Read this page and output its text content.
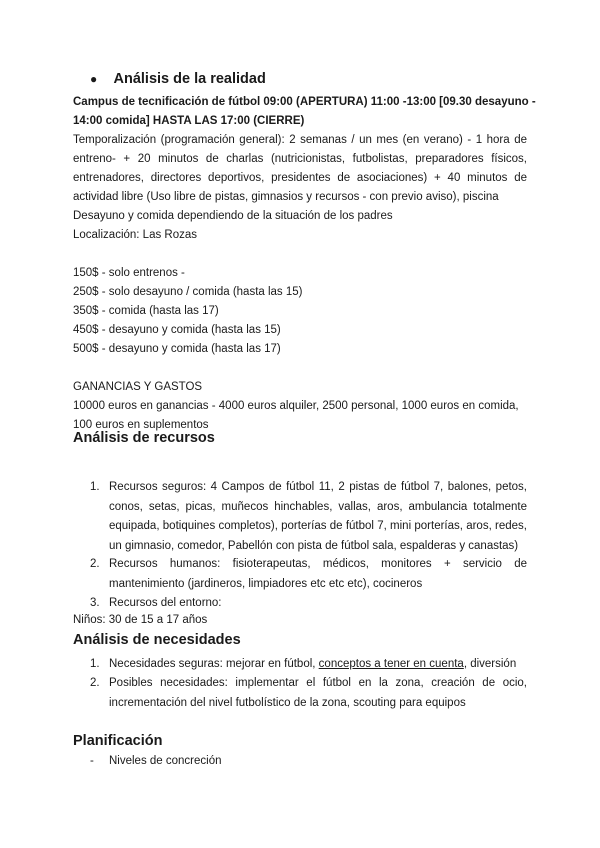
● Análisis de la realidad
Campus de tecnificación de fútbol 09:00 (APERTURA) 11:00 -13:00 [09.30 desayuno -
14:00 comida] HASTA LAS 17:00 (CIERRE)
Temporalización (programación general): 2 semanas / un mes (en verano) - 1 hora de entreno- + 20 minutos de charlas (nutricionistas, futbolistas, preparadores físicos, entrenadores, directores deportivos, presidentes de asociaciones) + 40 minutos de actividad libre (Uso libre de pistas, gimnasios y recursos - con previo aviso), piscina
Desayuno y comida dependiendo de la situación de los padres
Localización: Las Rozas
150$ - solo entrenos -
250$ - solo desayuno / comida (hasta las 15)
350$ - comida (hasta las 17)
450$ - desayuno y comida (hasta las 15)
500$ - desayuno y comida (hasta las 17)
GANANCIAS Y GASTOS
10000 euros en ganancias - 4000 euros alquiler, 2500 personal, 1000 euros en comida, 100 euros en suplementos
Análisis de recursos
1. Recursos seguros: 4 Campos de fútbol 11, 2 pistas de fútbol 7, balones, petos, conos, setas, picas, muñecos hinchables, vallas, aros, ambulancia totalmente equipada, botiquines completos), porterías de fútbol 7, mini porterías, aros, redes, un gimnasio, comedor, Pabellón con pista de fútbol sala, espalderas y canastas)
2. Recursos humanos: fisioterapeutas, médicos, monitores + servicio de mantenimiento (jardineros, limpiadores etc etc etc), cocineros
3. Recursos del entorno:
Niños: 30 de 15 a 17 años
Análisis de necesidades
1. Necesidades seguras: mejorar en fútbol, conceptos a tener en cuenta, diversión
2. Posibles necesidades: implementar el fútbol en la zona, creación de ocio, incrementación del nivel futbolístico de la zona, scouting para equipos
Planificación
- Niveles de concreción
